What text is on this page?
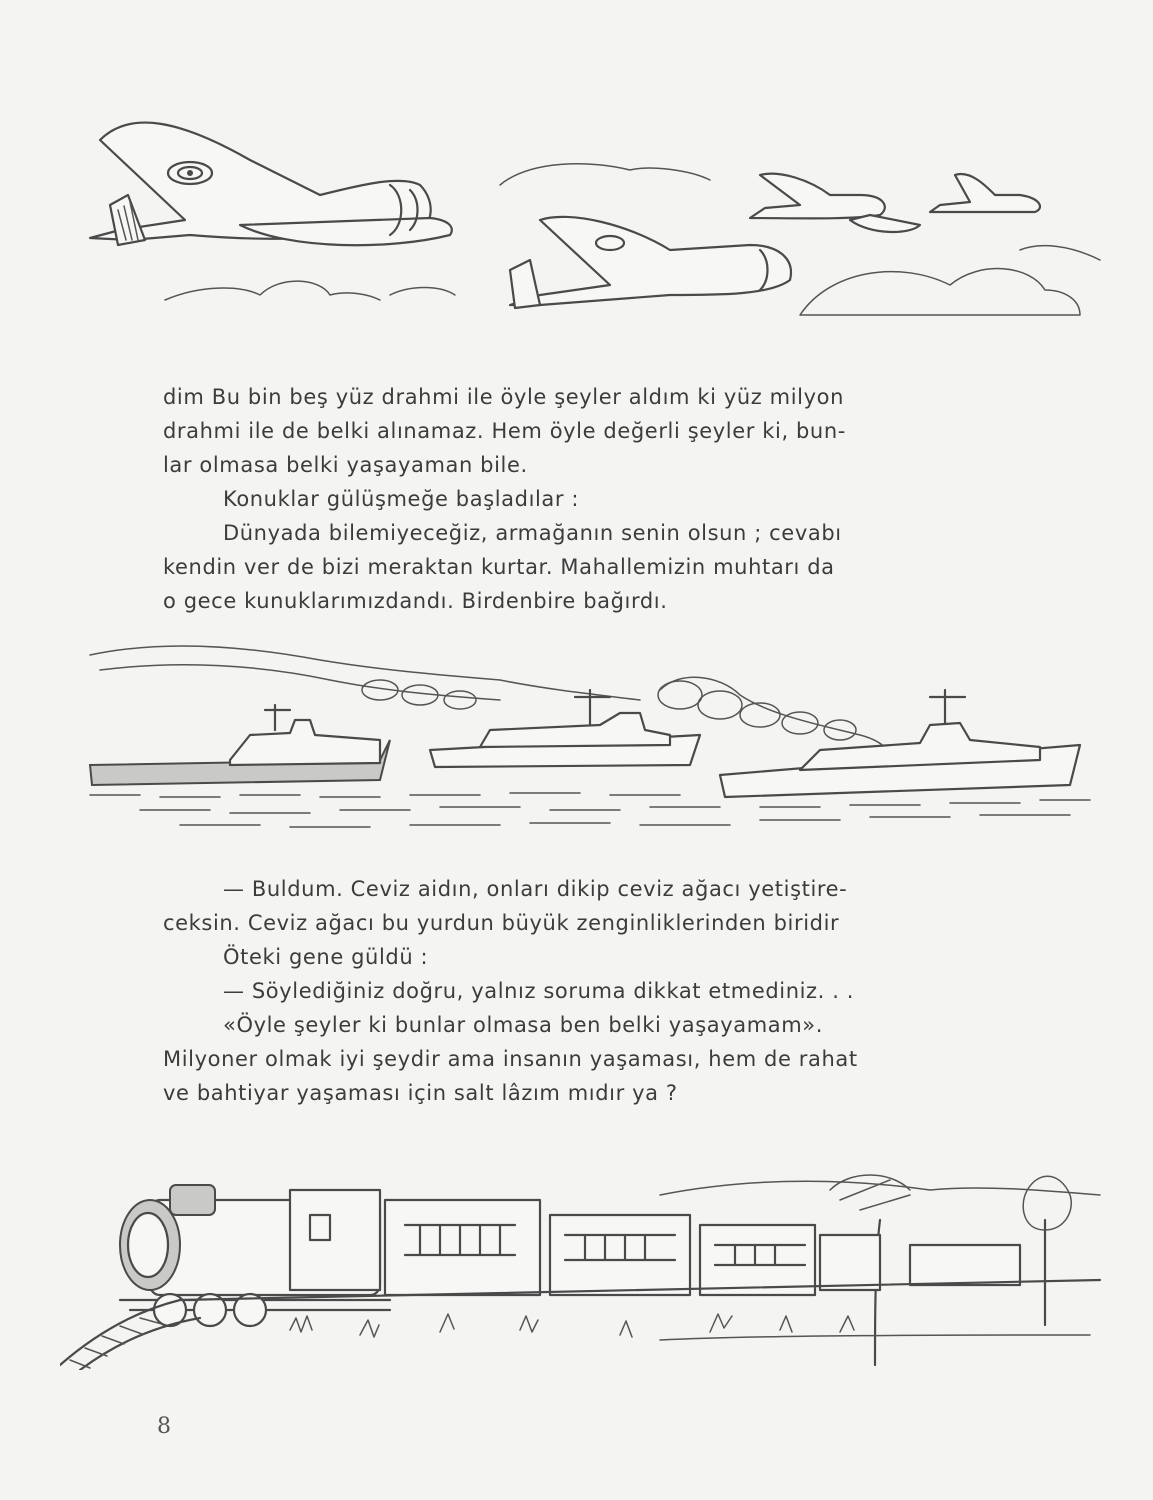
dim Bu bin beş yüz drahmi ile öyle şeyler aldım ki yüz milyon

drahmi ile de belki alınamaz. Hem öyle değerli şeyler ki, bun-

lar olmasa belki yaşayaman bile.

Konuklar gülüşmeğe başladılar :

Dünyada bilemiyeceğiz, armağanın senin olsun ; cevabı

kendin ver de bizi meraktan kurtar. Mahallemizin muhtarı da

o gece kunuklarımızdandı. Birdenbire bağırdı.

— Buldum. Ceviz aidın, onları dikip ceviz ağacı yetiştire-

ceksin. Ceviz ağacı bu yurdun büyük zenginliklerinden biridir

Öteki gene güldü :

— Söylediğiniz doğru, yalnız soruma dikkat etmediniz. . .

«Öyle şeyler ki bunlar olmasa ben belki yaşayamam».

Milyoner olmak iyi şeydir ama insanın yaşaması, hem de rahat

ve bahtiyar yaşaması için salt lâzım mıdır ya ?

8
